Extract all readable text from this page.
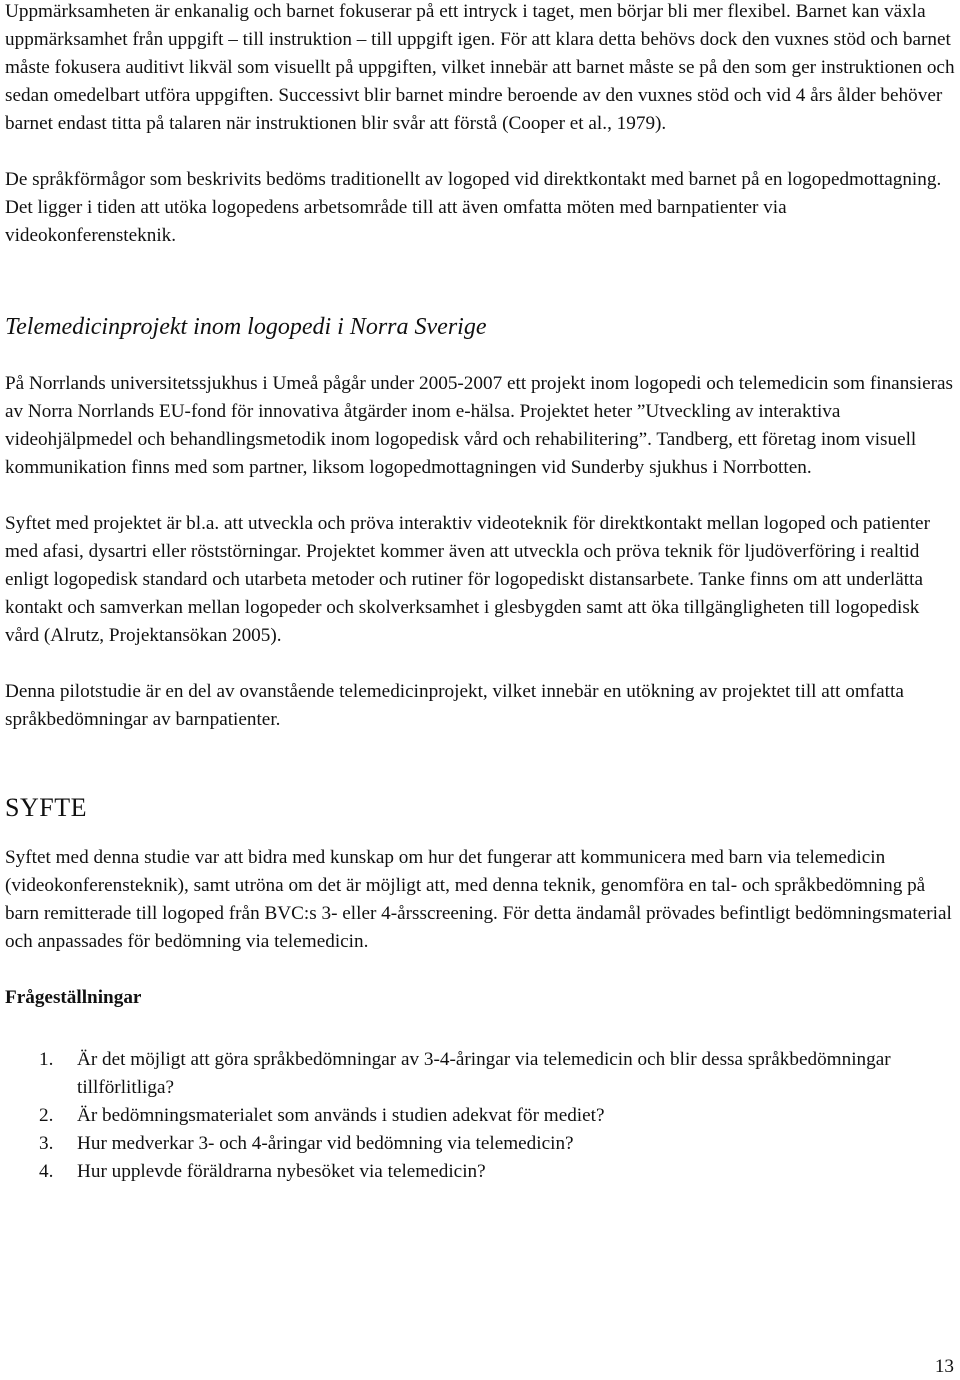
Uppmärksamheten är enkanalig och barnet fokuserar på ett intryck i taget, men börjar bli mer flexibel. Barnet kan växla uppmärksamhet från uppgift – till instruktion – till uppgift igen. För att klara detta behövs dock den vuxnes stöd och barnet måste fokusera auditivt likväl som visuellt på uppgiften, vilket innebär att barnet måste se på den som ger instruktionen och sedan omedelbart utföra uppgiften. Successivt blir barnet mindre beroende av den vuxnes stöd och vid 4 års ålder behöver barnet endast titta på talaren när instruktionen blir svår att förstå (Cooper et al., 1979).

De språkförmågor som beskrivits bedöms traditionellt av logoped vid direktkontakt med barnet på en logopedmottagning. Det ligger i tiden att utöka logopedens arbetsområde till att även omfatta möten med barnpatienter via videokonferensteknik.

Telemedicinprojekt inom logopedi i Norra Sverige

På Norrlands universitetssjukhus i Umeå pågår under 2005-2007 ett projekt inom logopedi och telemedicin som finansieras av Norra Norrlands EU-fond för innovativa åtgärder inom e-hälsa. Projektet heter ”Utveckling av interaktiva videohjälpmedel och behandlingsmetodik inom logopedisk vård och rehabilitering”. Tandberg, ett företag inom visuell kommunikation finns med som partner, liksom logopedmottagningen vid Sunderby sjukhus i Norrbotten.

Syftet med projektet är bl.a. att utveckla och pröva interaktiv videoteknik för direktkontakt mellan logoped och patienter med afasi, dysartri eller röststörningar. Projektet kommer även att utveckla och pröva teknik för ljudöverföring i realtid enligt logopedisk standard och utarbeta metoder och rutiner för logopediskt distansarbete. Tanke finns om att underlätta kontakt och samverkan mellan logopeder och skolverksamhet i glesbygden samt att öka tillgängligheten till logopedisk vård (Alrutz, Projektansökan 2005).

Denna pilotstudie är en del av ovanstående telemedicinprojekt, vilket innebär en utökning av projektet till att omfatta språkbedömningar av barnpatienter.

SYFTE

Syftet med denna studie var att bidra med kunskap om hur det fungerar att kommunicera med barn via telemedicin (videokonferensteknik), samt utröna om det är möjligt att, med denna teknik, genomföra en tal- och språkbedömning på barn remitterade till logoped från BVC:s 3- eller 4-årsscreening. För detta ändamål prövades befintligt bedömningsmaterial och anpassades för bedömning via telemedicin.

Frågeställningar
1.	Är det möjligt att göra språkbedömningar av 3-4-åringar via telemedicin och blir dessa språkbedömningar tillförlitliga?
2.	Är bedömningsmaterialet som används i studien adekvat för mediet?
3.	Hur medverkar 3- och 4-åringar vid bedömning via telemedicin?
4.	Hur upplevde föräldrarna nybesöket via telemedicin?
13
